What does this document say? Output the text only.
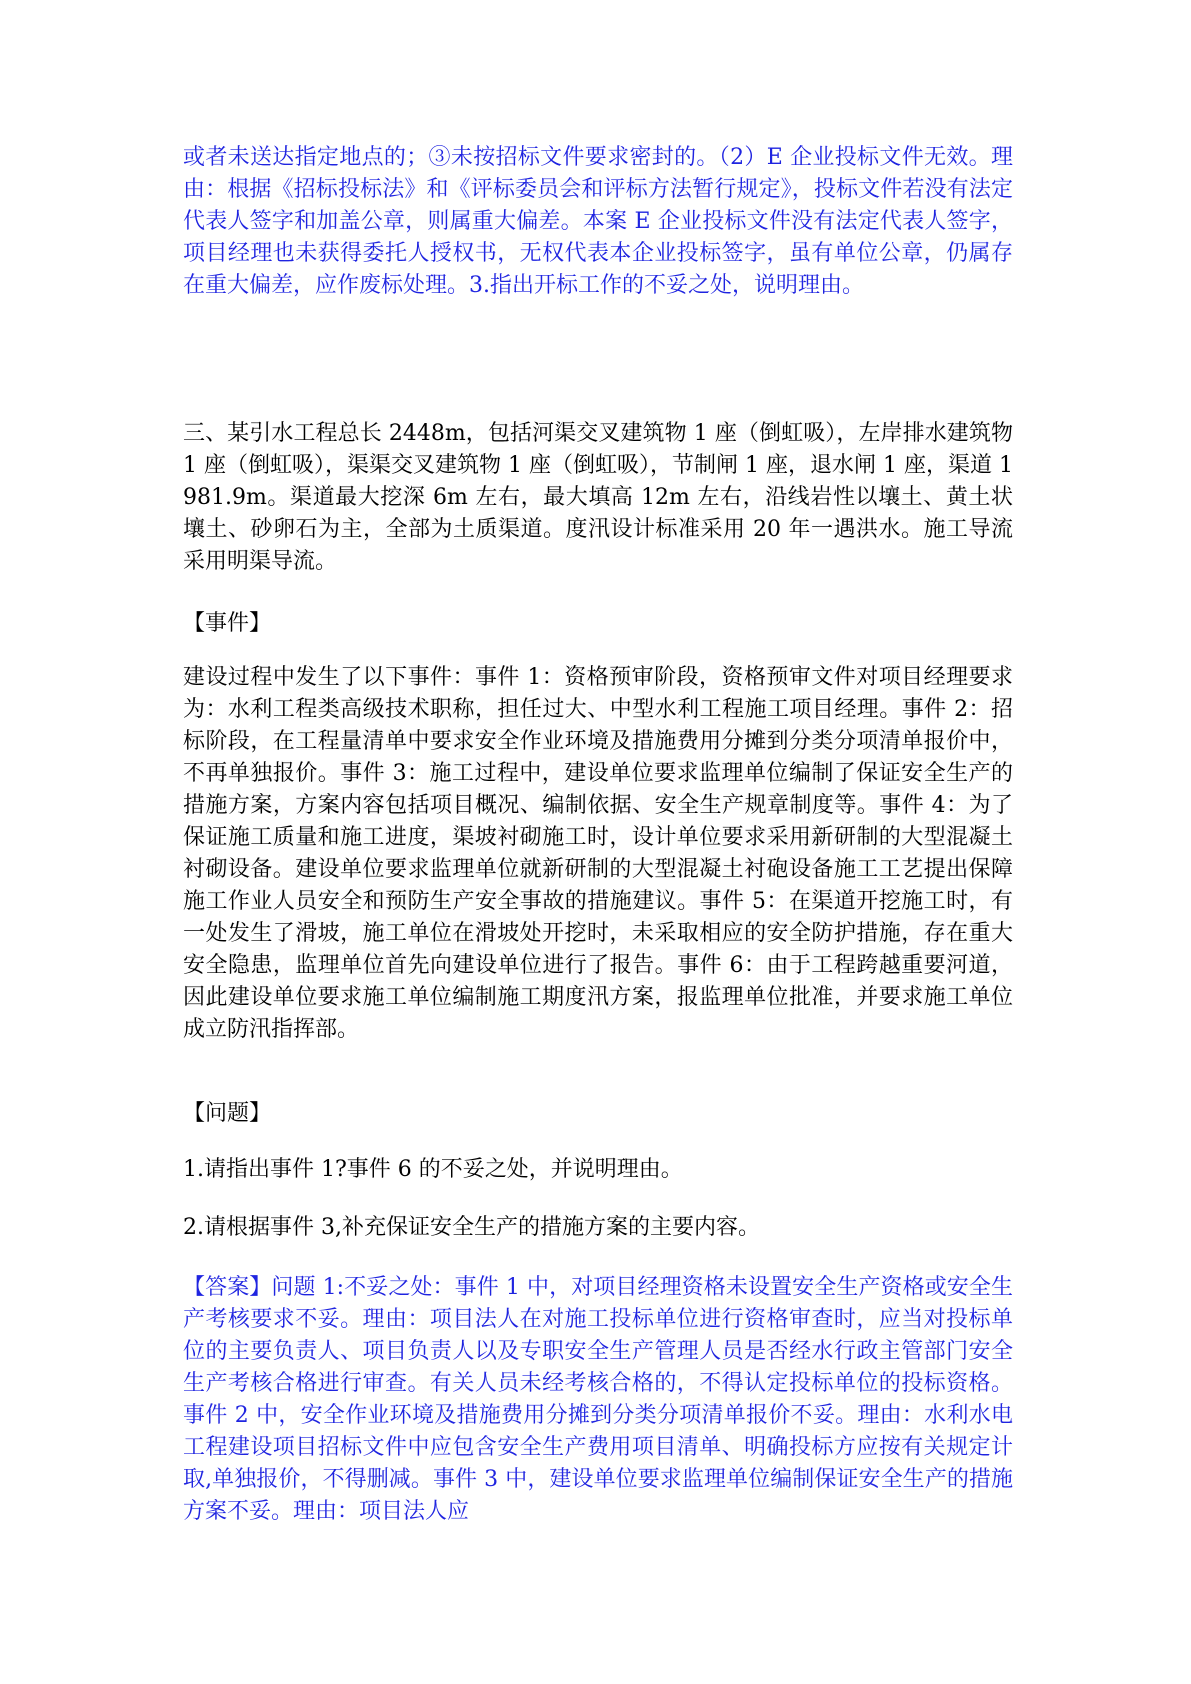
或者未送达指定地点的；③未按招标文件要求密封的。（2）E 企业投标文件无效。理由：根据《招标投标法》和《评标委员会和评标方法暂行规定》，投标文件若没有法定代表人签字和加盖公章，则属重大偏差。本案 E 企业投标文件没有法定代表人签字，项目经理也未获得委托人授权书，无权代表本企业投标签字，虽有单位公章，仍属存在重大偏差，应作废标处理。3.指出开标工作的不妥之处，说明理由。

三、某引水工程总长 2448m，包括河渠交叉建筑物 1 座（倒虹吸），左岸排水建筑物 1 座（倒虹吸），渠渠交叉建筑物 1 座（倒虹吸），节制闸 1 座，退水闸 1 座，渠道 1981.9m。渠道最大挖深 6m 左右，最大填高 12m 左右，沿线岩性以壤土、黄土状壤土、砂卵石为主，全部为土质渠道。度汛设计标准采用 20 年一遇洪水。施工导流采用明渠导流。

【事件】

建设过程中发生了以下事件：事件 1：资格预审阶段，资格预审文件对项目经理要求为：水利工程类高级技术职称，担任过大、中型水利工程施工项目经理。事件 2：招标阶段，在工程量清单中要求安全作业环境及措施费用分摊到分类分项清单报价中，不再单独报价。事件 3：施工过程中，建设单位要求监理单位编制了保证安全生产的措施方案，方案内容包括项目概况、编制依据、安全生产规章制度等。事件 4：为了保证施工质量和施工进度，渠坡衬砌施工时，设计单位要求采用新研制的大型混凝土衬砌设备。建设单位要求监理单位就新研制的大型混凝土衬砲设备施工工艺提出保障施工作业人员安全和预防生产安全事故的措施建议。事件 5：在渠道开挖施工时，有一处发生了滑坡，施工单位在滑坡处开挖时，未采取相应的安全防护措施，存在重大安全隐患，监理单位首先向建设单位进行了报告。事件 6：由于工程跨越重要河道，因此建设单位要求施工单位编制施工期度汛方案，报监理单位批准，并要求施工单位成立防汛指挥部。

【问题】

1.请指出事件 1?事件 6 的不妥之处，并说明理由。

2.请根据事件 3,补充保证安全生产的措施方案的主要内容。

【答案】问题 1:不妥之处：事件 1 中，对项目经理资格未设置安全生产资格或安全生产考核要求不妥。理由：项目法人在对施工投标单位进行资格审查时，应当对投标单位的主要负责人、项目负责人以及专职安全生产管理人员是否经水行政主管部门安全生产考核合格进行审查。有关人员未经考核合格的，不得认定投标单位的投标资格。事件 2 中，安全作业环境及措施费用分摊到分类分项清单报价不妥。理由：水利水电工程建设项目招标文件中应包含安全生产费用项目清单、明确投标方应按有关规定计取,单独报价，不得删减。事件 3 中，建设单位要求监理单位编制保证安全生产的措施方案不妥。理由：项目法人应
